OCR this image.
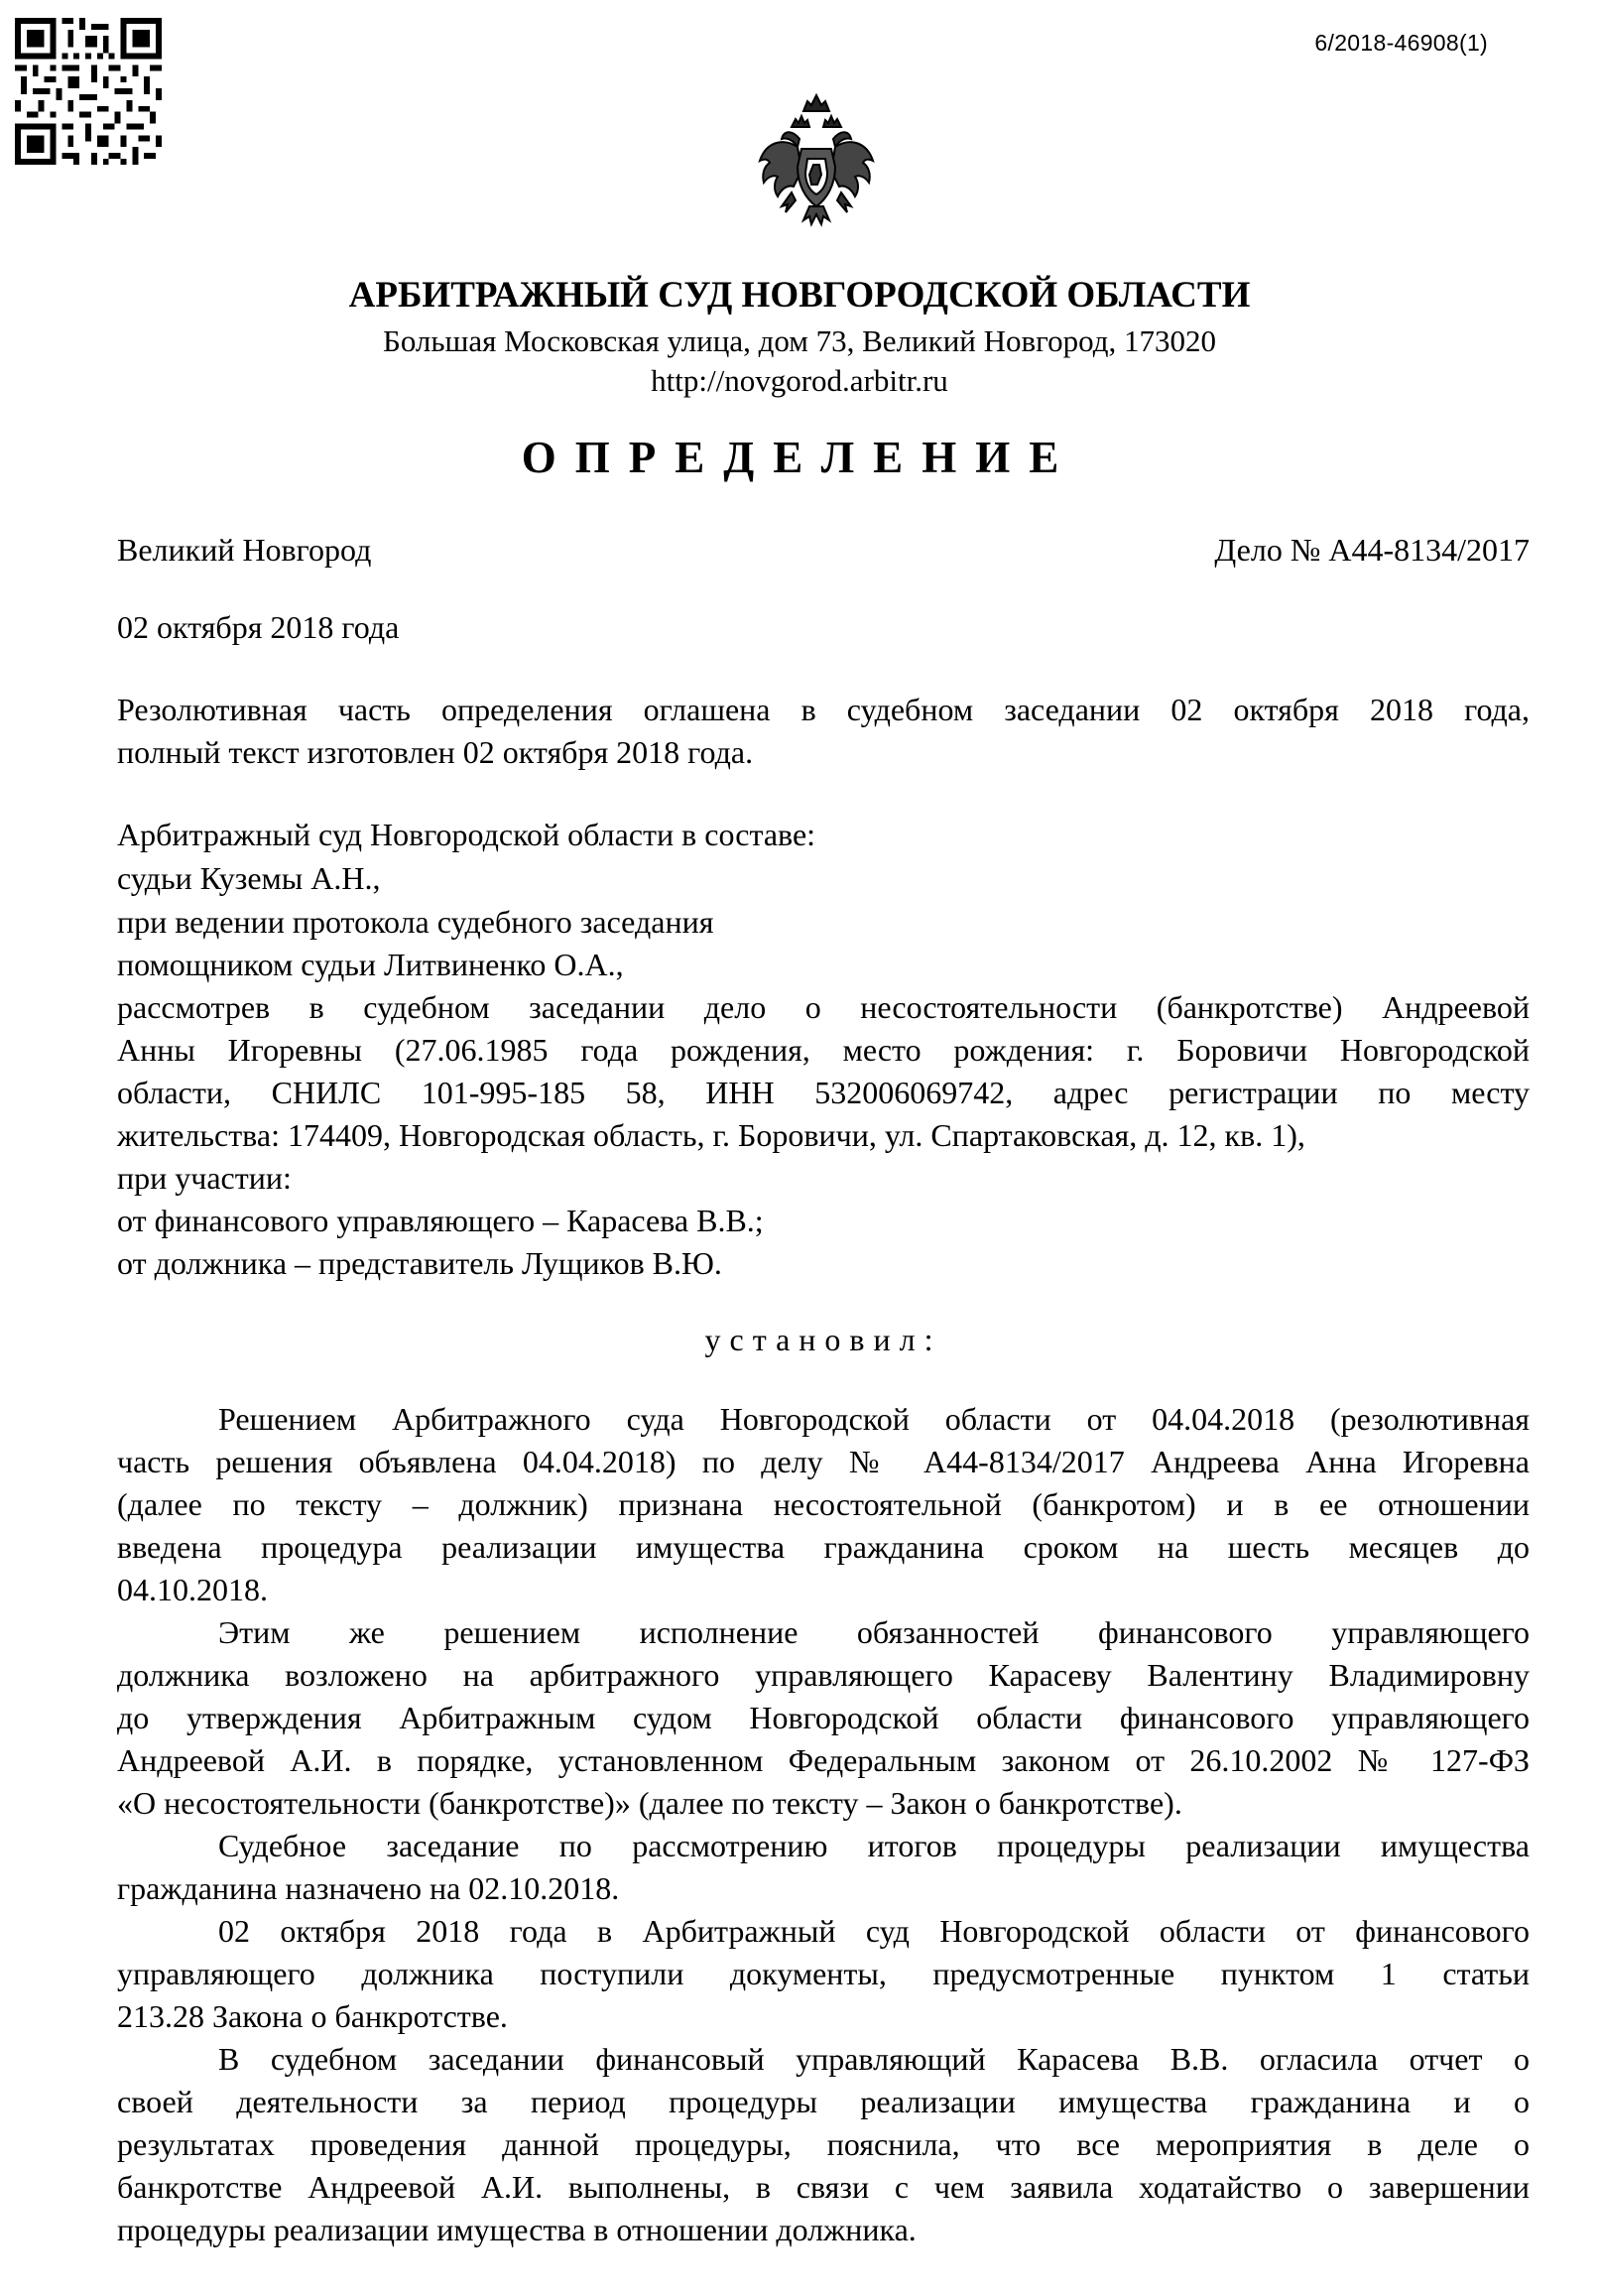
6/2018-46908(1)
АРБИТРАЖНЫЙ СУД НОВГОРОДСКОЙ ОБЛАСТИ
Большая Московская улица, дом 73, Великий Новгород, 173020
http://novgorod.arbitr.ru
ОПРЕДЕЛЕНИЕ
Великий Новгород	Дело № А44-8134/2017
02 октября 2018 года
Резолютивная часть определения оглашена в судебном заседании 02 октября 2018 года,
полный текст изготовлен 02 октября 2018 года.
Арбитражный суд Новгородской области в составе:
судьи Куземы А.Н.,
при ведении протокола судебного заседания
помощником судьи Литвиненко О.А.,
рассмотрев в судебном заседании дело о несостоятельности (банкротстве) Андреевой
Анны Игоревны (27.06.1985 года рождения, место рождения: г. Боровичи Новгородской
области, СНИЛС 101-995-185 58, ИНН 532006069742, адрес регистрации по месту
жительства: 174409, Новгородская область, г. Боровичи, ул. Спартаковская, д. 12, кв. 1),
при участии:
от финансового управляющего – Карасева В.В.;
от должника – представитель Лущиков В.Ю.
установил:
Решением Арбитражного суда Новгородской области от 04.04.2018 (резолютивная
часть решения объявлена 04.04.2018) по делу № А44-8134/2017 Андреева Анна Игоревна
(далее по тексту – должник) признана несостоятельной (банкротом) и в ее отношении
введена процедура реализации имущества гражданина сроком на шесть месяцев до
04.10.2018.
Этим же решением исполнение обязанностей финансового управляющего
должника возложено на арбитражного управляющего Карасеву Валентину Владимировну
до утверждения Арбитражным судом Новгородской области финансового управляющего
Андреевой А.И. в порядке, установленном Федеральным законом от 26.10.2002 № 127-ФЗ
«О несостоятельности (банкротстве)» (далее по тексту – Закон о банкротстве).
Судебное заседание по рассмотрению итогов процедуры реализации имущества
гражданина назначено на 02.10.2018.
02 октября 2018 года в Арбитражный суд Новгородской области от финансового
управляющего должника поступили документы, предусмотренные пунктом 1 статьи
213.28 Закона о банкротстве.
В судебном заседании финансовый управляющий Карасева В.В. огласила отчет о
своей деятельности за период процедуры реализации имущества гражданина и о
результатах проведения данной процедуры, пояснила, что все мероприятия в деле о
банкротстве Андреевой А.И. выполнены, в связи с чем заявила ходатайство о завершении
процедуры реализации имущества в отношении должника.
